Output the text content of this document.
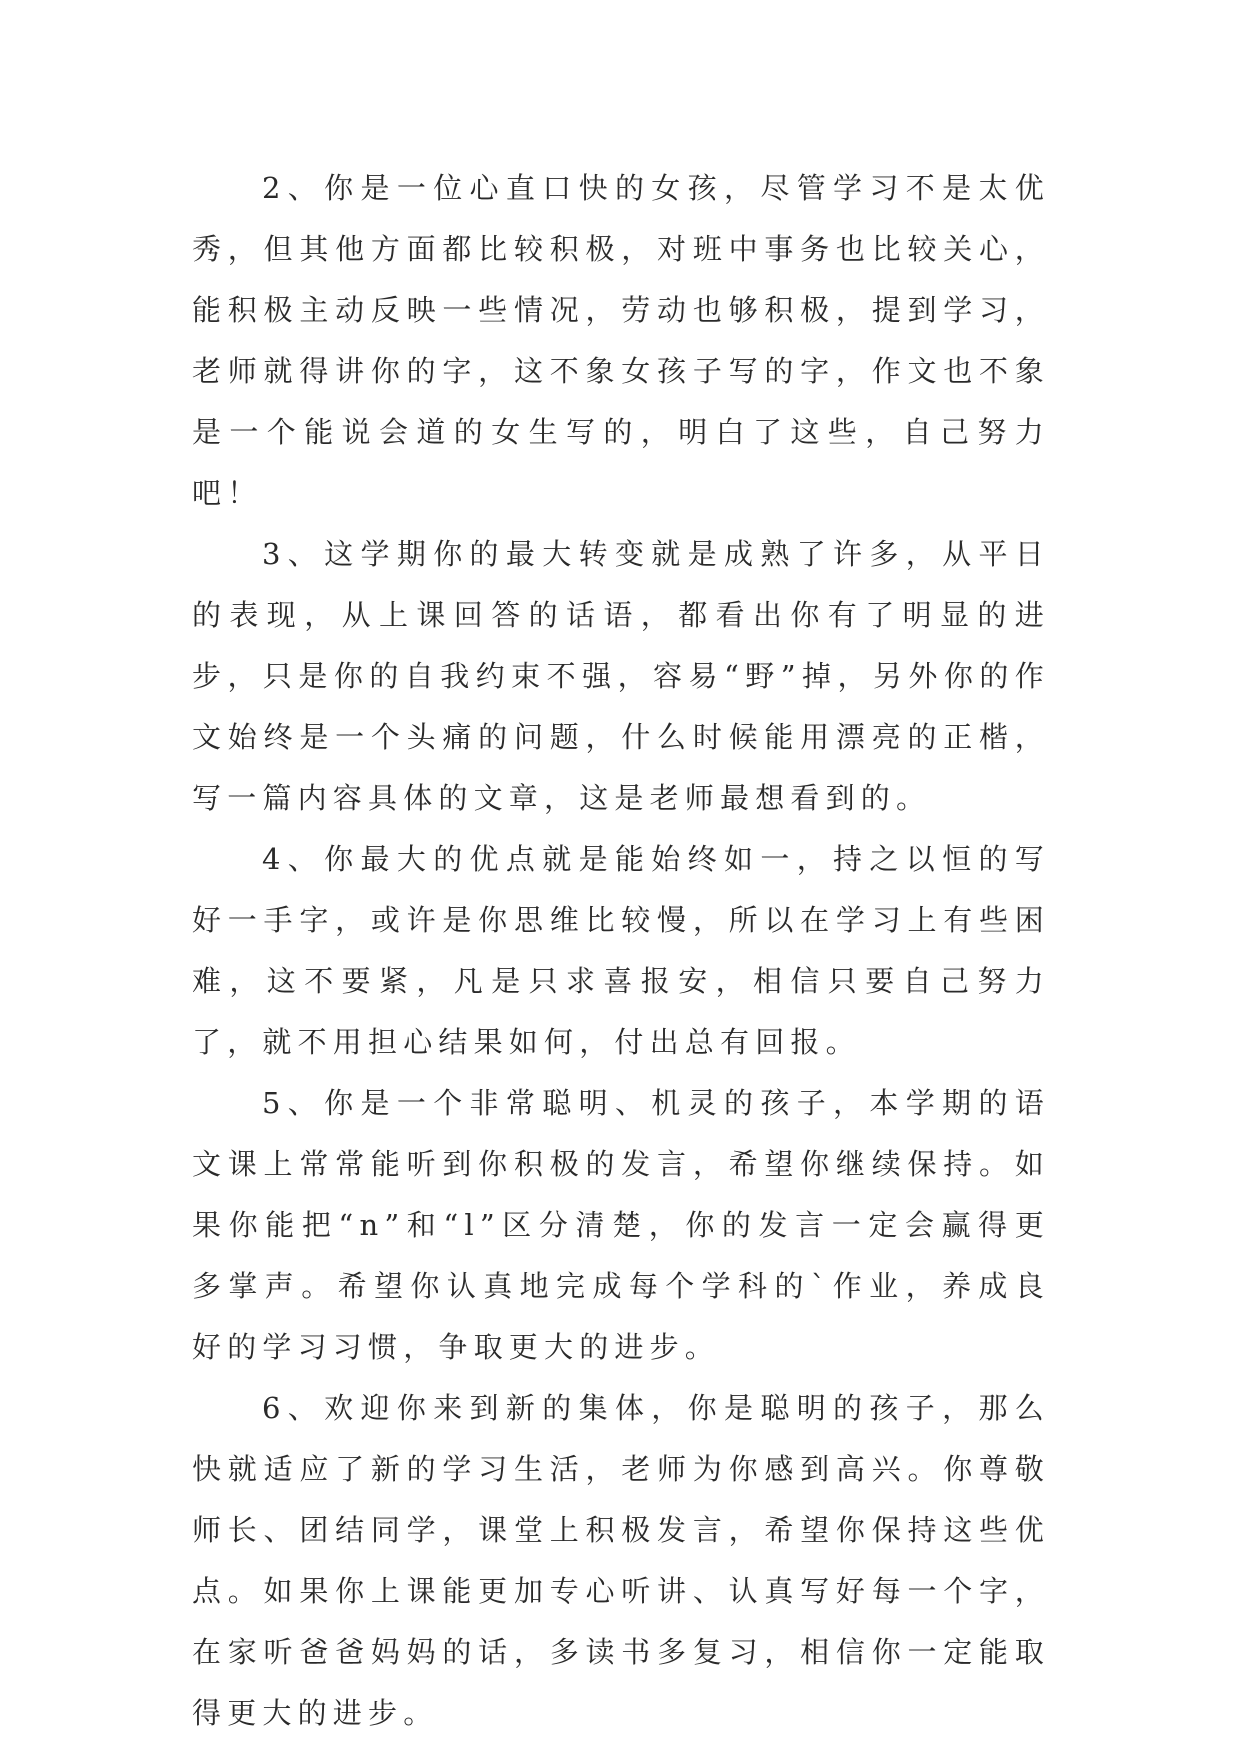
2、你是一位心直口快的女孩，尽管学习不是太优秀，但其他方面都比较积极，对班中事务也比较关心，能积极主动反映一些情况，劳动也够积极，提到学习，老师就得讲你的字，这不象女孩子写的字，作文也不象是一个能说会道的女生写的，明白了这些，自己努力吧！

3、这学期你的最大转变就是成熟了许多，从平日的表现，从上课回答的话语，都看出你有了明显的进步，只是你的自我约束不强，容易“野”掉，另外你的作文始终是一个头痛的问题，什么时候能用漂亮的正楷，写一篇内容具体的文章，这是老师最想看到的。

4、你最大的优点就是能始终如一，持之以恒的写好一手字，或许是你思维比较慢，所以在学习上有些困难，这不要紧，凡是只求喜报安，相信只要自己努力了，就不用担心结果如何，付出总有回报。

5、你是一个非常聪明、机灵的孩子，本学期的语文课上常常能听到你积极的发言，希望你继续保持。如果你能把“n”和“l”区分清楚，你的发言一定会赢得更多掌声。希望你认真地完成每个学科的`作业，养成良好的学习习惯，争取更大的进步。

6、欢迎你来到新的集体，你是聪明的孩子，那么快就适应了新的学习生活，老师为你感到高兴。你尊敬师长、团结同学，课堂上积极发言，希望你保持这些优点。如果你上课能更加专心听讲、认真写好每一个字，在家听爸爸妈妈的话，多读书多复习，相信你一定能取得更大的进步。
